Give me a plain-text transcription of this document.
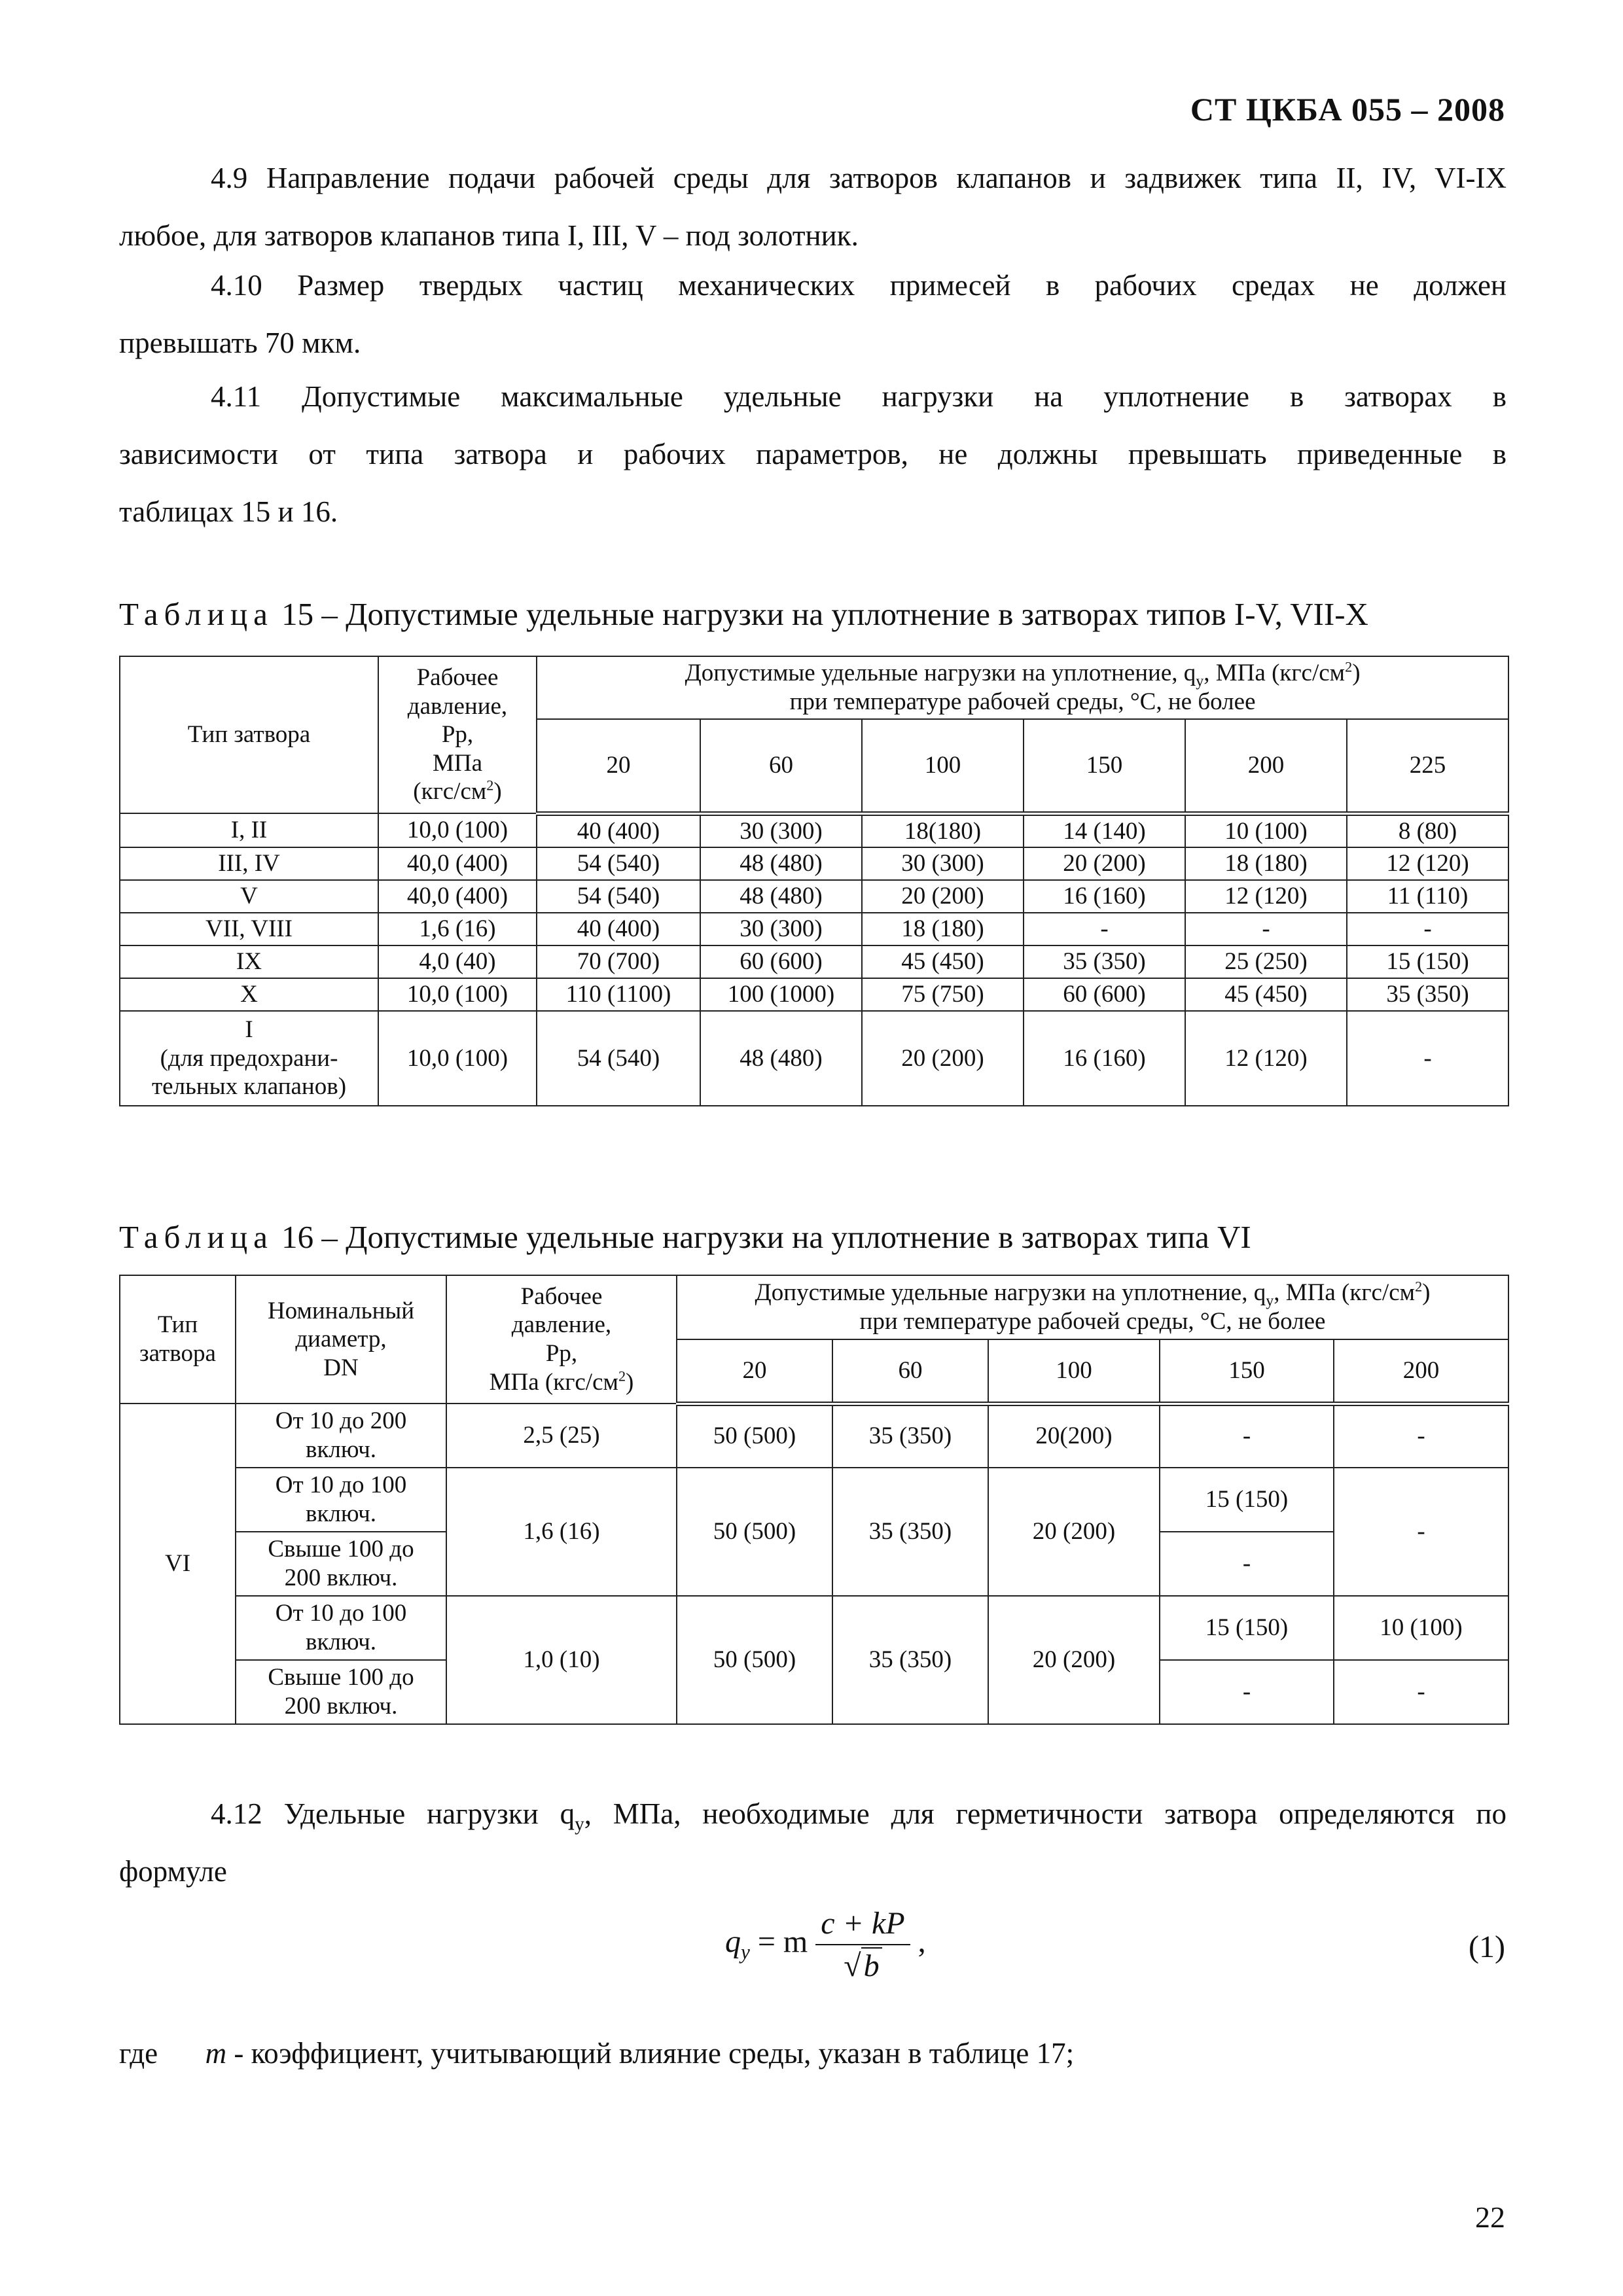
СТ ЦКБА 055 – 2008
4.9 Направление подачи рабочей среды для затворов клапанов и задвижек типа II, IV, VI-IX
любое, для затворов клапанов типа I, III, V – под золотник.
4.10 Размер твердых частиц механических примесей в рабочих средах не должен
превышать 70 мкм.
4.11 Допустимые максимальные удельные нагрузки на уплотнение в затворах в
зависимости от типа затвора и рабочих параметров, не должны превышать приведенные в
таблицах 15 и 16.
Таблица 15 – Допустимые удельные нагрузки на уплотнение в затворах типов I-V, VII-X
Тип затвора	Рабочее
давление,
Рр,
МПа
$(кгс/см^2)$	Допустимые удельные нагрузки на уплотнение, $q_у$, МПа $(кгс/см^2)$
при температуре рабочей среды, °С, не более					
		20	60	100	150	200	225
I, II	10,0 (100)	40 (400)	30 (300)	18(180)	14 (140)	10 (100)	8 (80)
III, IV	40,0 (400)	54 (540)	48 (480)	30 (300)	20 (200)	18 (180)	12 (120)
V	40,0 (400)	54 (540)	48 (480)	20 (200)	16 (160)	12 (120)	11 (110)
VII, VIII	1,6 (16)	40 (400)	30 (300)	18 (180)	-	-	-
IX	4,0 (40)	70 (700)	60 (600)	45 (450)	35 (350)	25 (250)	15 (150)
X	10,0 (100)	110 (1100)	100 (1000)	75 (750)	60 (600)	45 (450)	35 (350)
I
(для предохрани-
тельных клапанов)	10,0 (100)	54 (540)	48 (480)	20 (200)	16 (160)	12 (120)	-
Таблица 16 – Допустимые удельные нагрузки на уплотнение в затворах типа VI
Тип
затвора	Номинальный
диаметр,
DN	Рабочее
давление,
Рр,
МПа $(кгс/см^2)$	Допустимые удельные нагрузки на уплотнение, $q_у$, МПа $(кгс/см^2)$
при температуре рабочей среды, °С, не более				
			20	60	100	150	200
VI	От 10 до 200
включ.	2,5 (25)	50 (500)	35 (350)	20(200)	-	-
	От 10 до 100
включ.	1,6 (16)	50 (500)	35 (350)	20 (200)	15 (150)	-
	Свыше 100 до
200 включ.					-	
	От 10 до 100
включ.	1,0 (10)	50 (500)	35 (350)	20 (200)	15 (150)	10 (100)
	Свыше 100 до
200 включ.					-	-
4.12 Удельные нагрузки $q_у$, МПа, необходимые для герметичности затвора определяются по
формуле
$q_y = m \frac{c + kP}{√b}$ ,	(1)
где m - коэффициент, учитывающий влияние среды, указан в таблице 17;
22
